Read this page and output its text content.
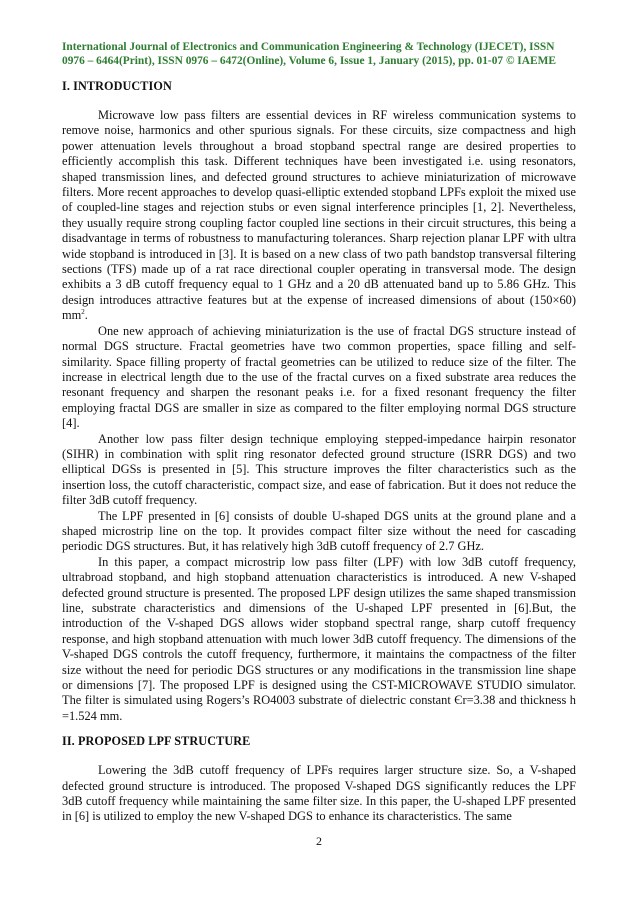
International Journal of Electronics and Communication Engineering & Technology (IJECET), ISSN 0976 – 6464(Print), ISSN 0976 – 6472(Online), Volume 6, Issue 1, January (2015), pp. 01-07 © IAEME
I. INTRODUCTION

Microwave low pass filters are essential devices in RF wireless communication systems to remove noise, harmonics and other spurious signals. For these circuits, size compactness and high power attenuation levels throughout a broad stopband spectral range are desired properties to efficiently accomplish this task. Different techniques have been investigated i.e. using resonators, shaped transmission lines, and defected ground structures to achieve miniaturization of microwave filters. More recent approaches to develop quasi-elliptic extended stopband LPFs exploit the mixed use of coupled-line stages and rejection stubs or even signal interference principles [1, 2]. Nevertheless, they usually require strong coupling factor coupled line sections in their circuit structures, this being a disadvantage in terms of robustness to manufacturing tolerances. Sharp rejection planar LPF with ultra wide stopband is introduced in [3]. It is based on a new class of two path bandstop transversal filtering sections (TFS) made up of a rat race directional coupler operating in transversal mode. The design exhibits a 3 dB cutoff frequency equal to 1 GHz and a 20 dB attenuated band up to 5.86 GHz. This design introduces attractive features but at the expense of increased dimensions of about (150×60) $mm^2$.

One new approach of achieving miniaturization is the use of fractal DGS structure instead of normal DGS structure. Fractal geometries have two common properties, space filling and self-similarity. Space filling property of fractal geometries can be utilized to reduce size of the filter. The increase in electrical length due to the use of the fractal curves on a fixed substrate area reduces the resonant frequency and sharpen the resonant peaks i.e. for a fixed resonant frequency the filter employing fractal DGS are smaller in size as compared to the filter employing normal DGS structure [4].

Another low pass filter design technique employing stepped-impedance hairpin resonator (SIHR) in combination with split ring resonator defected ground structure (ISRR DGS) and two elliptical DGSs is presented in [5]. This structure improves the filter characteristics such as the insertion loss, the cutoff characteristic, compact size, and ease of fabrication. But it does not reduce the filter 3dB cutoff frequency.

The LPF presented in [6] consists of double U-shaped DGS units at the ground plane and a shaped microstrip line on the top. It provides compact filter size without the need for cascading periodic DGS structures. But, it has relatively high 3dB cutoff frequency of 2.7 GHz.

In this paper, a compact microstrip low pass filter (LPF) with low 3dB cutoff frequency, ultrabroad stopband, and high stopband attenuation characteristics is introduced. A new V-shaped defected ground structure is presented. The proposed LPF design utilizes the same shaped transmission line, substrate characteristics and dimensions of the U-shaped LPF presented in [6].But, the introduction of the V-shaped DGS allows wider stopband spectral range, sharp cutoff frequency response, and high stopband attenuation with much lower 3dB cutoff frequency. The dimensions of the V-shaped DGS controls the cutoff frequency, furthermore, it maintains the compactness of the filter size without the need for periodic DGS structures or any modifications in the transmission line shape or dimensions [7]. The proposed LPF is designed using the CST-MICROWAVE STUDIO simulator. The filter is simulated using Rogers’s RO4003 substrate of dielectric constant Єr=3.38 and thickness h =1.524 mm.

II. PROPOSED LPF STRUCTURE

Lowering the 3dB cutoff frequency of LPFs requires larger structure size. So, a V-shaped defected ground structure is introduced. The proposed V-shaped DGS significantly reduces the LPF 3dB cutoff frequency while maintaining the same filter size. In this paper, the U-shaped LPF presented in [6] is utilized to employ the new V-shaped DGS to enhance its characteristics. The same

2
